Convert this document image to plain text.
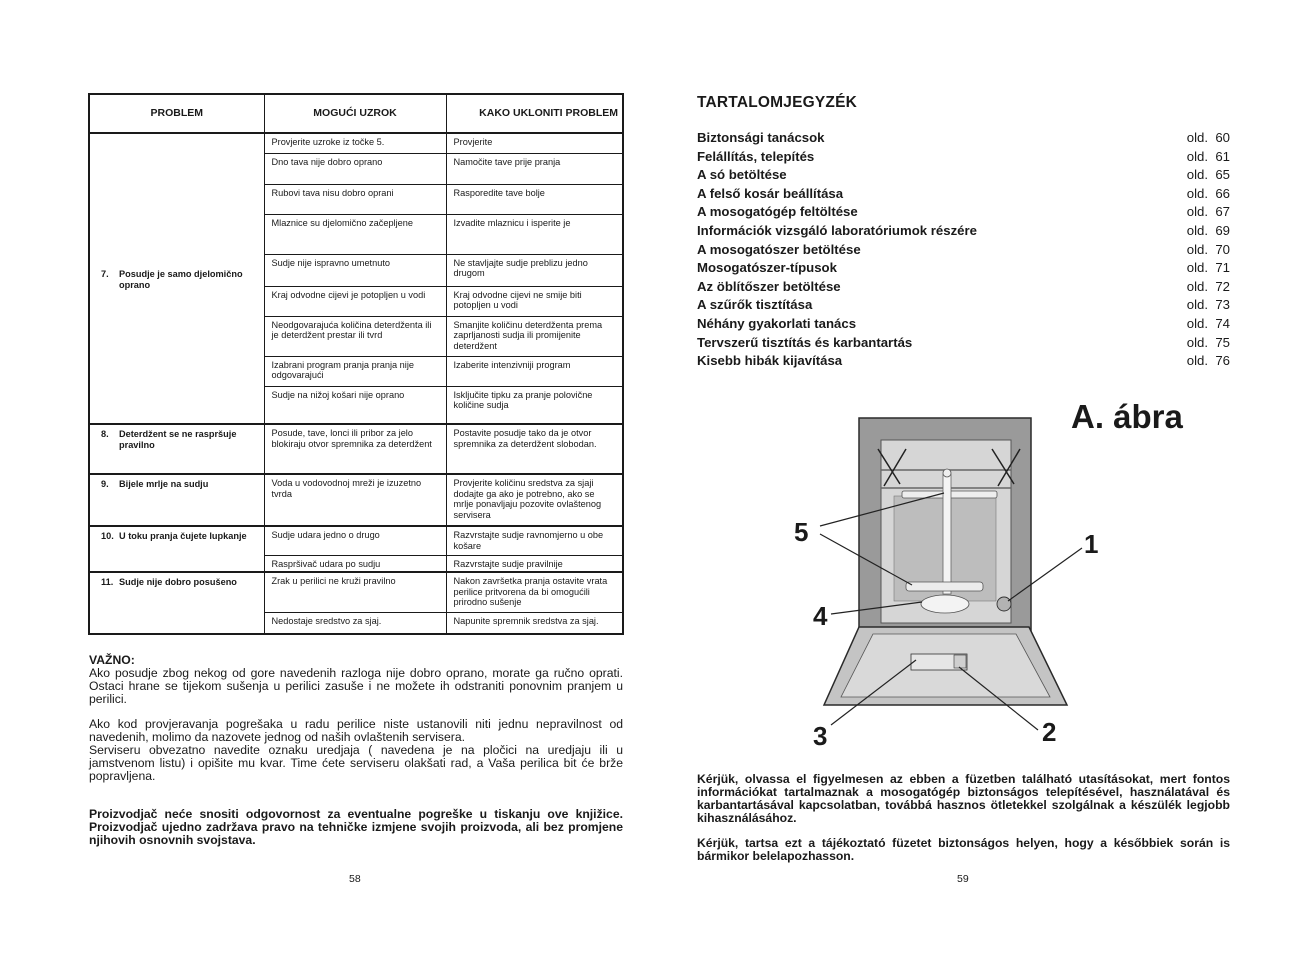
PROBLEM	MOGUĆI UZROK	KAKO UKLONITI PROBLEM
7. Posudje je samo djelomično oprano	Provjerite uzroke iz točke 5.	Provjerite
	Dno tava nije dobro oprano	Namočite tave prije pranja
	Rubovi tava nisu dobro oprani	Rasporedite tave bolje
	Mlaznice su djelomično začepljene	Izvadite mlaznicu i isperite je
	Sudje nije ispravno umetnuto	Ne stavljajte sudje preblizu jedno drugom
	Kraj odvodne cijevi je potopljen u vodi	Kraj odvodne cijevi ne smije biti potopljen u vodi
	Neodgovarajuća količina deterdženta ili je deterdžent prestar ili tvrd	Smanjite količinu deterdženta prema zaprljanosti sudja ili promijenite deterdžent
	Izabrani program pranja pranja nije odgovarajući	Izaberite intenzivniji program
	Sudje na nižoj košari nije oprano	Isključite tipku za pranje polovične količine sudja
8. Deterdžent se ne raspršuje pravilno	Posude, tave, lonci ili pribor za jelo blokiraju otvor spremnika za deterdžent	Postavite posudje tako da je otvor spremnika za deterdžent slobodan.
9. Bijele mrlje na sudju	Voda u vodovodnoj mreži je izuzetno tvrda	Provjerite količinu sredstva za sjaji dodajte ga ako je potrebno, ako se mrlje ponavljaju pozovite ovlaštenog servisera
10. U toku pranja čujete lupkanje	Sudje udara jedno o drugo	Razvrstajte sudje ravnomjerno u obe košare
	Raspršivač udara po sudju	Razvrstajte sudje pravilnije
11. Sudje nije dobro posušeno	Zrak u perilici ne kruži pravilno	Nakon završetka pranja ostavite vrata perilice pritvorena da bi omogućili prirodno sušenje
	Nedostaje sredstvo za sjaj.	Napunite spremnik sredstva za sjaj.
VAŽNO:
Ako posudje zbog nekog od gore navedenih razloga nije dobro oprano, morate ga ručno oprati. Ostaci hrane se tijekom sušenja u perilici zasuše i ne možete ih odstraniti ponovnim pranjem u perilici.
Ako kod provjeravanja pogrešaka u radu perilice niste ustanovili niti jednu nepravilnost od navedenih, molimo da nazovete jednog od naših ovlaštenih servisera.
Serviseru obvezatno navedite oznaku uredjaja ( navedena je na pločici na uredjaju ili u jamstvenom listu) i opišite mu kvar. Time ćete serviseru olakšati rad, a Vaša perilica bit će brže popravljena.
Proizvodjač neće snositi odgovornost za eventualne pogreške u tiskanju ove knjižice. Proizvodjač ujedno zadržava pravo na tehničke izmjene svojih proizvoda, ali bez promjene njihovih osnovnih svojstava.
58
TARTALOMJEGYZÉK
Biztonsági tanácsok	old.  60
Felállítás, telepítés	old.  61
A só betöltése	old.  65
A felső kosár beállítása	old.  66
A mosogatógép feltöltése	old.  67
Információk vizsgáló laboratóriumok részére	old.  69
A mosogatószer betöltése	old.  70
Mosogatószer-típusok	old.  71
Az öblítőszer betöltése	old.  72
A szűrők tisztítása	old.  73
Néhány gyakorlati tanács	old.  74
Tervszerű tisztítás és karbantartás	old.  75
Kisebb hibák kijavítása	old.  76
A. ábra
5	1
4
3	2
Kérjük, olvassa el figyelmesen az ebben a füzetben található utasításokat, mert fontos információkat tartalmaznak a mosogatógép biztonságos telepítésével, használatával és karbantartásával kapcsolatban, továbbá hasznos ötletekkel szolgálnak a készülék legjobb kihasználásához.
Kérjük, tartsa ezt a tájékoztató füzetet biztonságos helyen, hogy a későbbiek során is bármikor belelapozhasson.
59
